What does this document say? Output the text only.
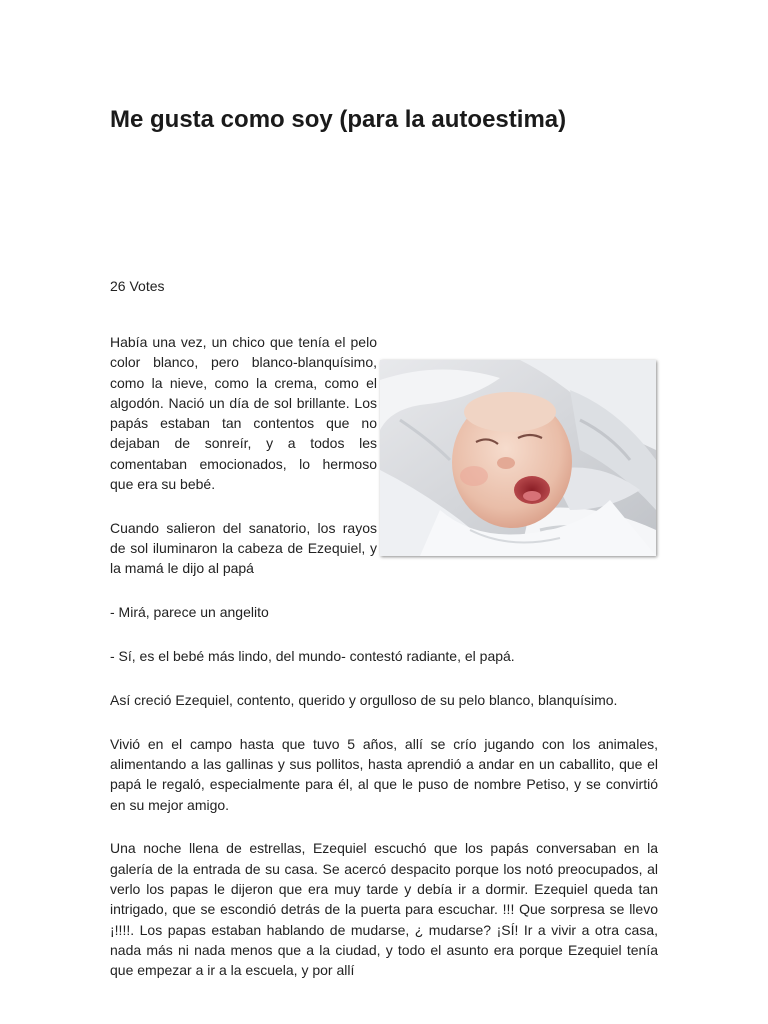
Me gusta como soy (para la autoestima)
26 Votes

Había una vez, un chico que tenía el pelo color blanco, pero blanco-blanquísimo, como la nieve, como la crema, como el algodón. Nació un día de sol brillante. Los papás estaban tan contentos que no dejaban de sonreír, y a todos les comentaban emocionados, lo hermoso que era su bebé.

Cuando salieron del sanatorio, los rayos de sol iluminaron la cabeza de Ezequiel, y la mamá le dijo al papá

- Mirá, parece un angelito

- Sí, es el bebé más lindo, del mundo- contestó radiante, el papá.

Así creció Ezequiel, contento, querido y orgulloso de su pelo blanco, blanquísimo.

Vivió en el campo hasta que tuvo 5 años, allí se crío jugando con los animales, alimentando a las gallinas y sus pollitos, hasta aprendió a andar en un caballito, que el papá le regaló, especialmente para él, al que le puso de nombre Petiso, y se convirtió en su mejor amigo.

Una noche llena de estrellas, Ezequiel escuchó que los papás conversaban en la galería de la entrada de su casa. Se acercó despacito porque los notó preocupados, al verlo los papas le dijeron que era muy tarde y debía ir a dormir. Ezequiel queda tan intrigado, que se escondió detrás de la puerta para escuchar. !!! Que sorpresa se llevo ¡!!!!. Los papas estaban hablando de mudarse, ¿ mudarse? ¡SÍ! Ir a vivir a otra casa, nada más ni nada menos que a la ciudad, y todo el asunto era porque Ezequiel tenía que empezar a ir a la escuela, y por allí
